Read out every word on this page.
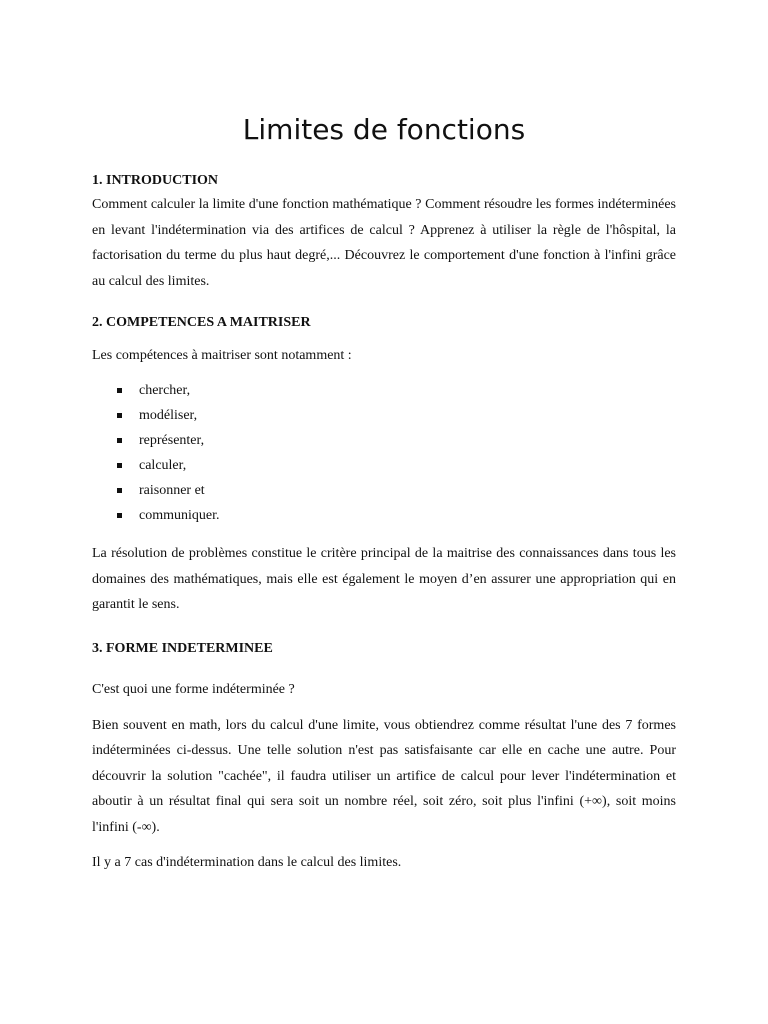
Limites de fonctions
1. INTRODUCTION

Comment calculer la limite d'une fonction mathématique ? Comment résoudre les formes indéterminées en levant l'indétermination via des artifices de calcul ? Apprenez à utiliser la règle de l'hôspital, la factorisation du terme du plus haut degré,... Découvrez le comportement d'une fonction à l'infini grâce au calcul des limites.

2. COMPETENCES A MAITRISER

Les compétences à maitriser sont notamment :

chercher,
modéliser,
représenter,
calculer,
raisonner et
communiquer.

La résolution de problèmes constitue le critère principal de la maitrise des connaissances dans tous les domaines des mathématiques, mais elle est également le moyen d’en assurer une appropriation qui en garantit le sens.

3. FORME INDETERMINEE

C'est quoi une forme indéterminée ?

Bien souvent en math, lors du calcul d'une limite, vous obtiendrez comme résultat l'une des 7 formes indéterminées ci-dessus. Une telle solution n'est pas satisfaisante car elle en cache une autre. Pour découvrir la solution "cachée", il faudra utiliser un artifice de calcul pour lever l'indétermination et aboutir à un résultat final qui sera soit un nombre réel, soit zéro, soit plus l'infini (+∞), soit moins l'infini (-∞).

Il y a 7 cas d'indétermination dans le calcul des limites.
